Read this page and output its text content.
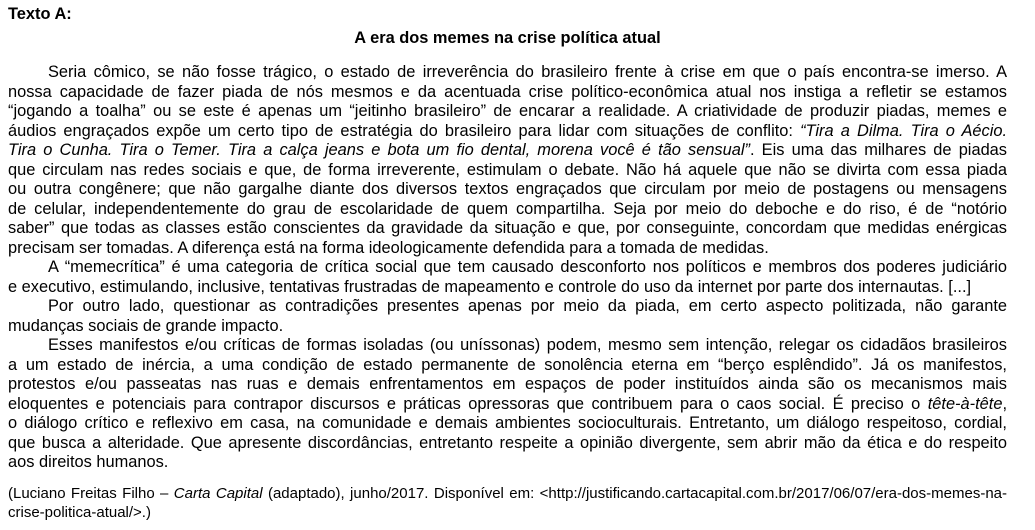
Texto A:
A era dos memes na crise política atual
Seria cômico, se não fosse trágico, o estado de irreverência do brasileiro frente à crise em que o país encontra-se imerso. A
nossa capacidade de fazer piada de nós mesmos e da acentuada crise político-econômica atual nos instiga a refletir se estamos
“jogando a toalha” ou se este é apenas um “jeitinho brasileiro” de encarar a realidade. A criatividade de produzir piadas, memes e
áudios engraçados expõe um certo tipo de estratégia do brasileiro para lidar com situações de conflito: “Tira a Dilma. Tira o Aécio.
Tira o Cunha. Tira o Temer. Tira a calça jeans e bota um fio dental, morena você é tão sensual”. Eis uma das milhares de piadas
que circulam nas redes sociais e que, de forma irreverente, estimulam o debate. Não há aquele que não se divirta com essa piada
ou outra congênere; que não gargalhe diante dos diversos textos engraçados que circulam por meio de postagens ou mensagens
de celular, independentemente do grau de escolaridade de quem compartilha. Seja por meio do deboche e do riso, é de “notório
saber” que todas as classes estão conscientes da gravidade da situação e que, por conseguinte, concordam que medidas enérgicas
precisam ser tomadas. A diferença está na forma ideologicamente defendida para a tomada de medidas.
A “memecrítica” é uma categoria de crítica social que tem causado desconforto nos políticos e membros dos poderes judiciário
e executivo, estimulando, inclusive, tentativas frustradas de mapeamento e controle do uso da internet por parte dos internautas. [...]
Por outro lado, questionar as contradições presentes apenas por meio da piada, em certo aspecto politizada, não garante
mudanças sociais de grande impacto.
Esses manifestos e/ou críticas de formas isoladas (ou uníssonas) podem, mesmo sem intenção, relegar os cidadãos brasileiros
a um estado de inércia, a uma condição de estado permanente de sonolência eterna em “berço esplêndido”. Já os manifestos,
protestos e/ou passeatas nas ruas e demais enfrentamentos em espaços de poder instituídos ainda são os mecanismos mais
eloquentes e potenciais para contrapor discursos e práticas opressoras que contribuem para o caos social. É preciso o tête-à-tête,
o diálogo crítico e reflexivo em casa, na comunidade e demais ambientes socioculturais. Entretanto, um diálogo respeitoso, cordial,
que busca a alteridade. Que apresente discordâncias, entretanto respeite a opinião divergente, sem abrir mão da ética e do respeito
aos direitos humanos.
(Luciano Freitas Filho – Carta Capital (adaptado), junho/2017. Disponível em: <http://justificando.cartacapital.com.br/2017/06/07/era-dos-memes-na-
crise-politica-atual/>.)
